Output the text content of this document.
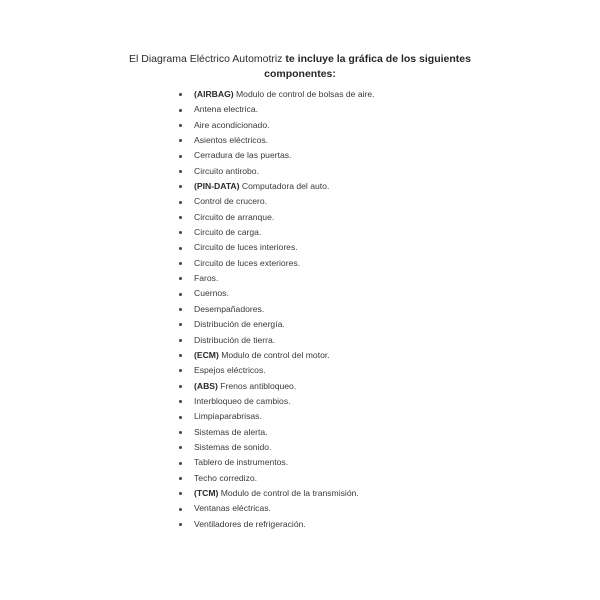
El Diagrama Eléctrico Automotriz te incluye la gráfica de los siguientes componentes:

(AIRBAG) Modulo de control de bolsas de aire.
Antena electrica.
Aire acondicionado.
Asientos eléctricos.
Cerradura de las puertas.
Circuito antirobo.
(PIN-DATA) Computadora del auto.
Control de crucero.
Circuito de arranque.
Circuito de carga.
Circuito de luces interiores.
Circuito de luces exteriores.
Faros.
Cuernos.
Desempañadores.
Distribución de energía.
Distribución de tierra.
(ECM) Modulo de control del motor.
Espejos eléctricos.
(ABS) Frenos antibloqueo.
Interbloqueo de cambios.
Limpiaparabrisas.
Sistemas de alerta.
Sistemas de sonido.
Tablero de instrumentos.
Techo corredizo.
(TCM) Modulo de control de la transmisión.
Ventanas eléctricas.
Ventiladores de refrigeración.
